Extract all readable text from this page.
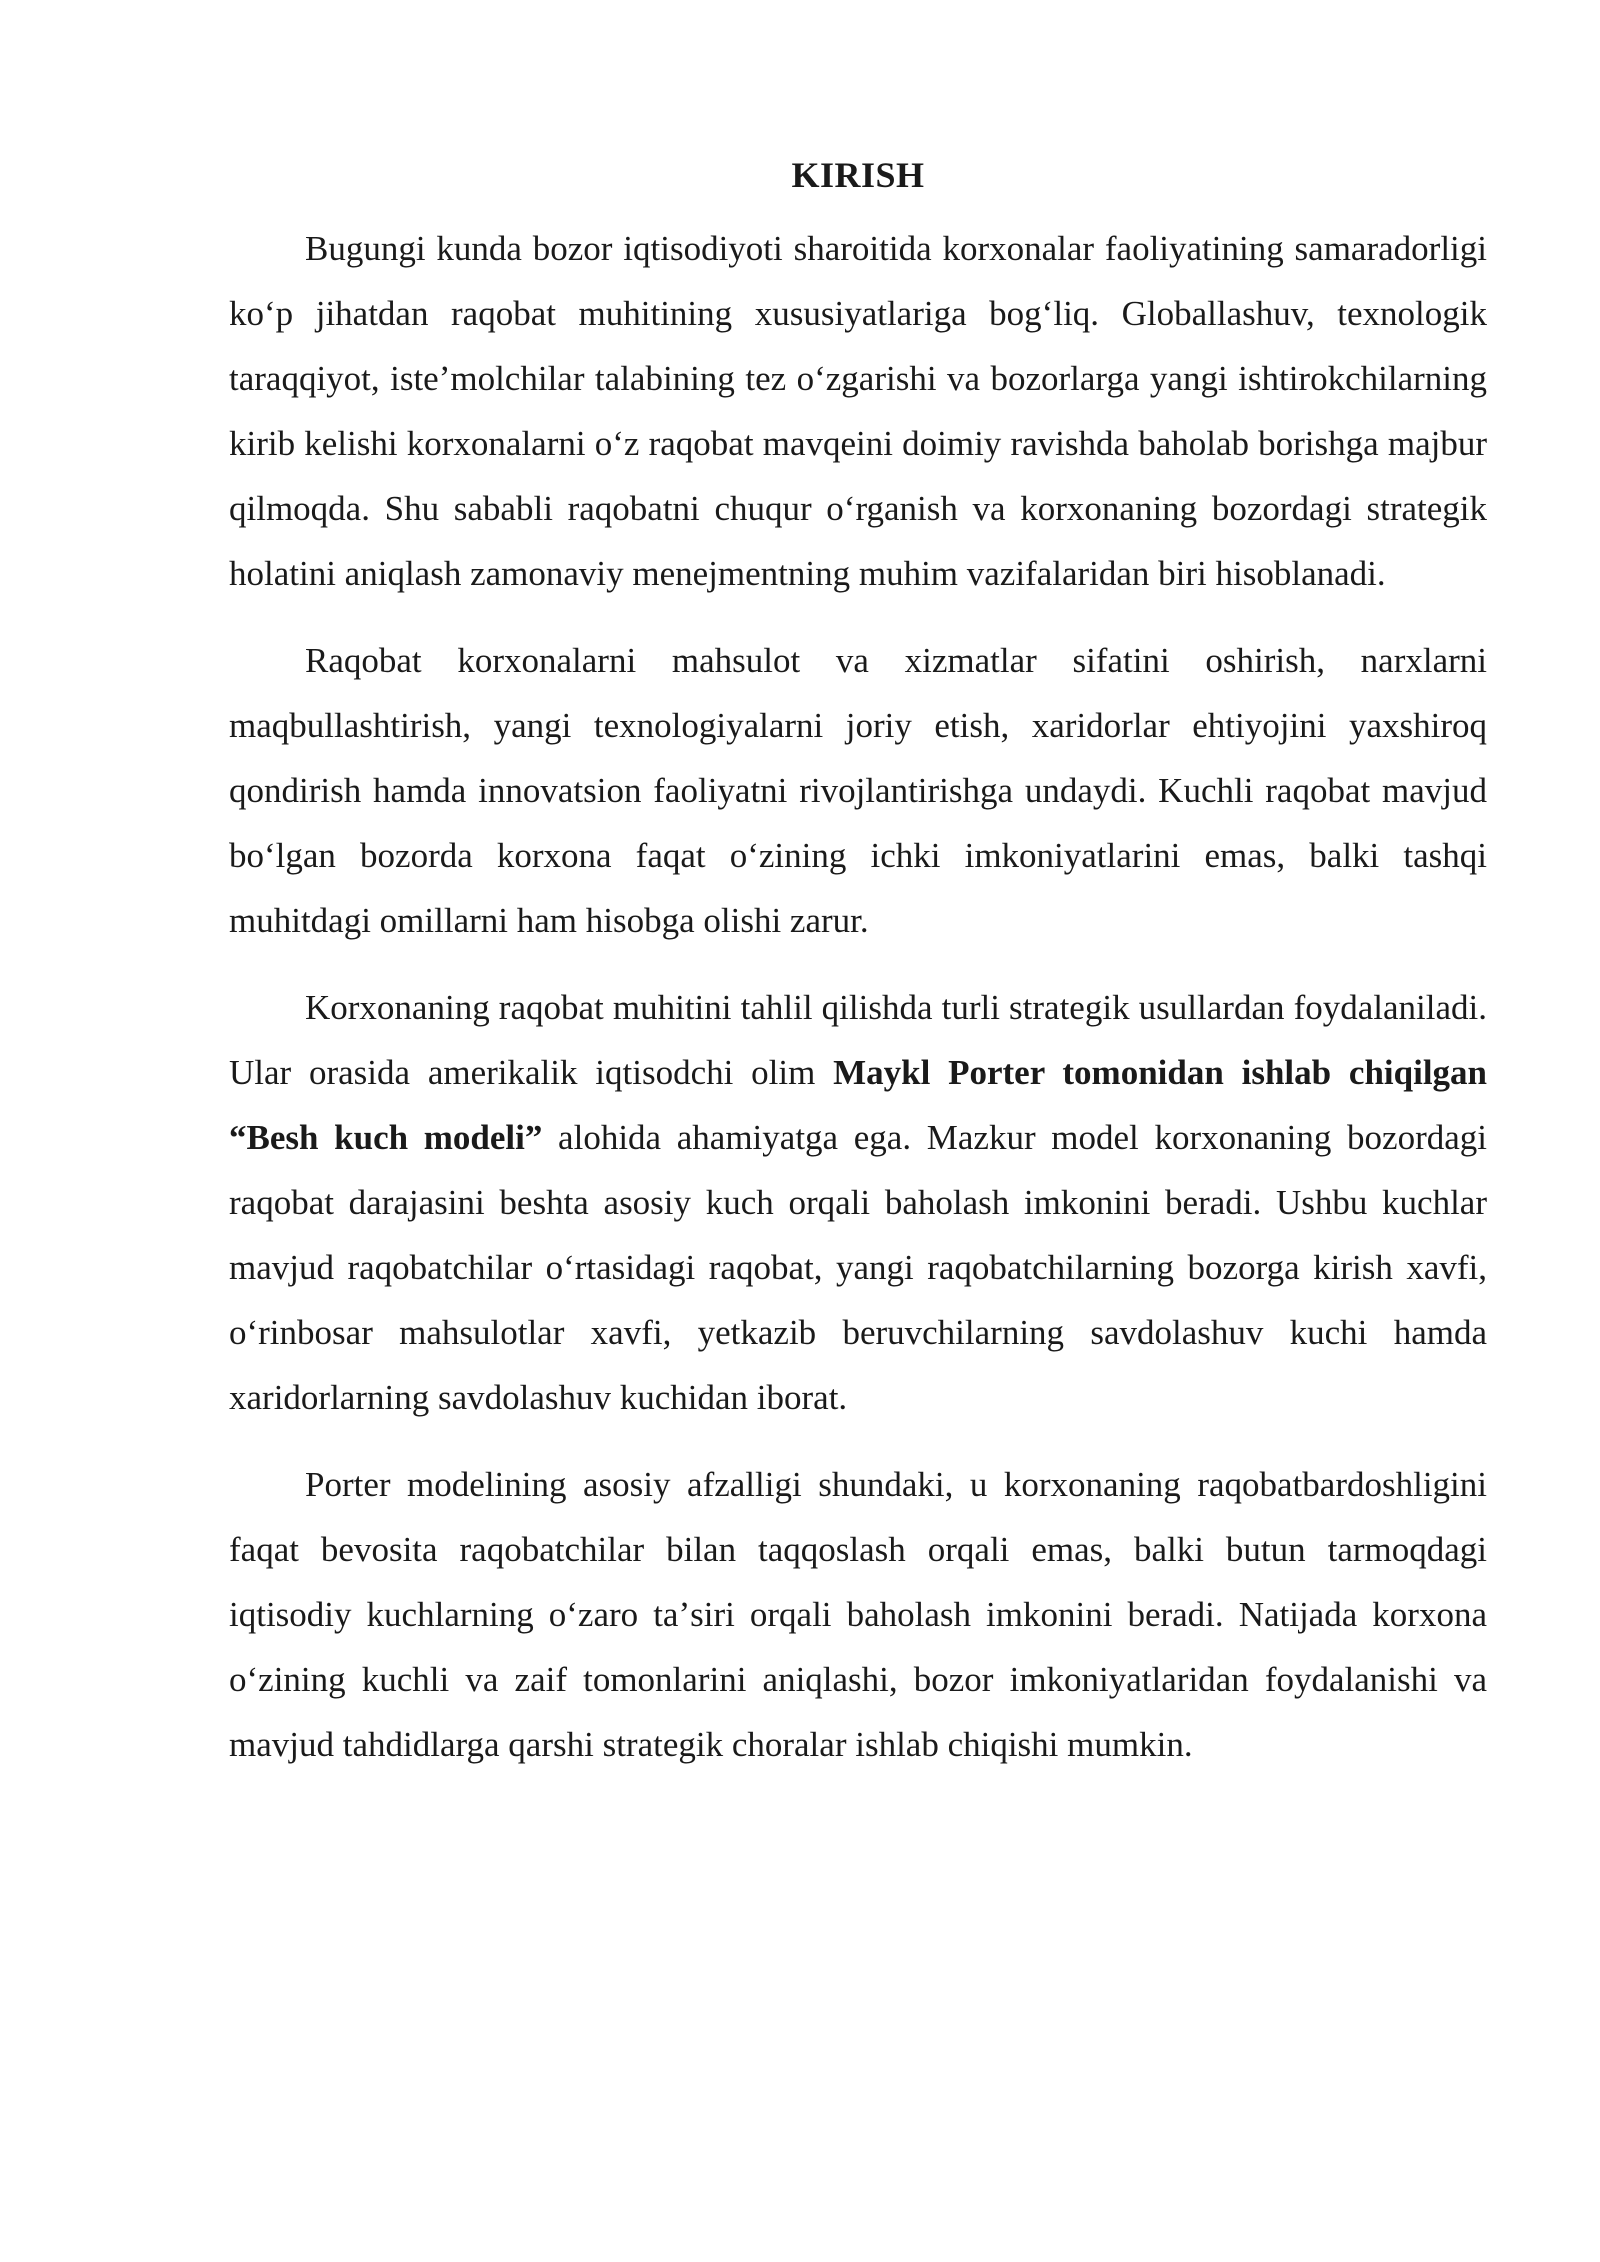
KIRISH

Bugungi kunda bozor iqtisodiyoti sharoitida korxonalar faoliyatining samaradorligi koʻp jihatdan raqobat muhitining xususiyatlariga bogʻliq. Globallashuv, texnologik taraqqiyot, isteʼmolchilar talabining tez oʻzgarishi va bozorlarga yangi ishtirokchilarning kirib kelishi korxonalarni oʻz raqobat mavqeini doimiy ravishda baholab borishga majbur qilmoqda. Shu sababli raqobatni chuqur oʻrganish va korxonaning bozordagi strategik holatini aniqlash zamonaviy menejmentning muhim vazifalaridan biri hisoblanadi.

Raqobat korxonalarni mahsulot va xizmatlar sifatini oshirish, narxlarni maqbullashtirish, yangi texnologiyalarni joriy etish, xaridorlar ehtiyojini yaxshiroq qondirish hamda innovatsion faoliyatni rivojlantirishga undaydi. Kuchli raqobat mavjud boʻlgan bozorda korxona faqat oʻzining ichki imkoniyatlarini emas, balki tashqi muhitdagi omillarni ham hisobga olishi zarur.

Korxonaning raqobat muhitini tahlil qilishda turli strategik usullardan foydalaniladi. Ular orasida amerikalik iqtisodchi olim Maykl Porter tomonidan ishlab chiqilgan “Besh kuch modeli” alohida ahamiyatga ega. Mazkur model korxonaning bozordagi raqobat darajasini beshta asosiy kuch orqali baholash imkonini beradi. Ushbu kuchlar mavjud raqobatchilar oʻrtasidagi raqobat, yangi raqobatchilarning bozorga kirish xavfi, oʻrinbosar mahsulotlar xavfi, yetkazib beruvchilarning savdolashuv kuchi hamda xaridorlarning savdolashuv kuchidan iborat.

Porter modelining asosiy afzalligi shundaki, u korxonaning raqobatbardoshligini faqat bevosita raqobatchilar bilan taqqoslash orqali emas, balki butun tarmoqdagi iqtisodiy kuchlarning oʻzaro taʼsiri orqali baholash imkonini beradi. Natijada korxona oʻzining kuchli va zaif tomonlarini aniqlashi, bozor imkoniyatlaridan foydalanishi va mavjud tahdidlarga qarshi strategik choralar ishlab chiqishi mumkin.
